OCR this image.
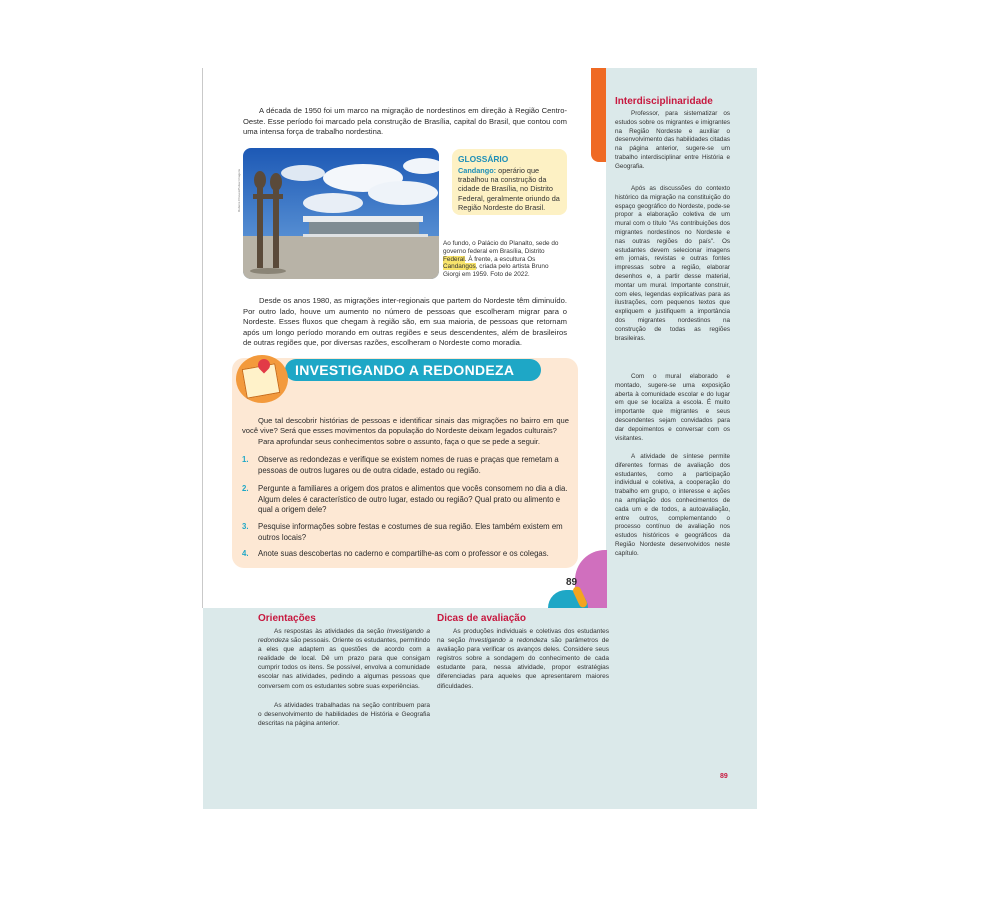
A década de 1950 foi um marco na migração de nordestinos em direção à Região Centro-Oeste. Esse período foi marcado pela construção de Brasília, capital do Brasil, que contou com uma intensa força de trabalho nordestina.

Rubens Chaves/Pulsar Imagens
Ao fundo, o Palácio do Planalto, sede do governo federal em Brasília, Distrito Federal. À frente, a escultura Os Candangos, criada pelo artista Bruno Giorgi em 1959. Foto de 2022.
GLOSSÁRIO
Candango: operário que trabalhou na construção da cidade de Brasília, no Distrito Federal, geralmente oriundo da Região Nordeste do Brasil.

Desde os anos 1980, as migrações inter-regionais que partem do Nordeste têm diminuído. Por outro lado, houve um aumento no número de pessoas que escolheram migrar para o Nordeste. Esses fluxos que chegam à região são, em sua maioria, de pessoas que retornam após um longo período morando em outras regiões e seus descendentes, além de brasileiros de outras regiões que, por diversas razões, escolheram o Nordeste como moradia.

INVESTIGANDO A REDONDEZA

Que tal descobrir histórias de pessoas e identificar sinais das migrações no bairro em que você vive? Será que esses movimentos da população do Nordeste deixam legados culturais?

Para aprofundar seus conhecimentos sobre o assunto, faça o que se pede a seguir.

1. Observe as redondezas e verifique se existem nomes de ruas e praças que remetam a pessoas de outros lugares ou de outra cidade, estado ou região.
2. Pergunte a familiares a origem dos pratos e alimentos que vocês consomem no dia a dia. Algum deles é característico de outro lugar, estado ou região? Qual prato ou alimento e qual a origem dele?
3. Pesquise informações sobre festas e costumes de sua região. Eles também existem em outros locais?
4. Anote suas descobertas no caderno e compartilhe-as com o professor e os colegas.
89
Interdisciplinaridade

Professor, para sistematizar os estudos sobre os migrantes e imigrantes na Região Nordeste e auxiliar o desenvolvimento das habilidades citadas na página anterior, sugere-se um trabalho interdisciplinar entre História e Geografia.

Após as discussões do contexto histórico da migração na constituição do espaço geográfico do Nordeste, pode-se propor a elaboração coletiva de um mural com o título "As contribuições dos migrantes nordestinos no Nordeste e nas outras regiões do país". Os estudantes devem selecionar imagens em jornais, revistas e outras fontes impressas sobre a região, elaborar desenhos e, a partir desse material, montar um mural. Importante construir, com eles, legendas explicativas para as ilustrações, com pequenos textos que expliquem e justifiquem a importância dos migrantes nordestinos na construção de todas as regiões brasileiras.

Com o mural elaborado e montado, sugere-se uma exposição aberta à comunidade escolar e do lugar em que se localiza a escola. É muito importante que migrantes e seus descendentes sejam convidados para dar depoimentos e conversar com os visitantes.

A atividade de síntese permite diferentes formas de avaliação dos estudantes, como a participação individual e coletiva, a cooperação do trabalho em grupo, o interesse e ações na ampliação dos conhecimentos de cada um e de todos, a autoavaliação, entre outros, complementando o processo contínuo de avaliação nos estudos históricos e geográficos da Região Nordeste desenvolvidos neste capítulo.

Orientações

As respostas às atividades da seção Investigando a redondeza são pessoais. Oriente os estudantes, permitindo a eles que adaptem as questões de acordo com a realidade de local. Dê um prazo para que consigam cumprir todos os itens. Se possível, envolva a comunidade escolar nas atividades, pedindo a algumas pessoas que conversem com os estudantes sobre suas experiências.

As atividades trabalhadas na seção contribuem para o desenvolvimento de habilidades de História e Geografia descritas na página anterior.

Dicas de avaliação

As produções individuais e coletivas dos estudantes na seção Investigando a redondeza são parâmetros de avaliação para verificar os avanços deles. Considere seus registros sobre a sondagem do conhecimento de cada estudante para, nessa atividade, propor estratégias diferenciadas para aqueles que apresentarem maiores dificuldades.

89
